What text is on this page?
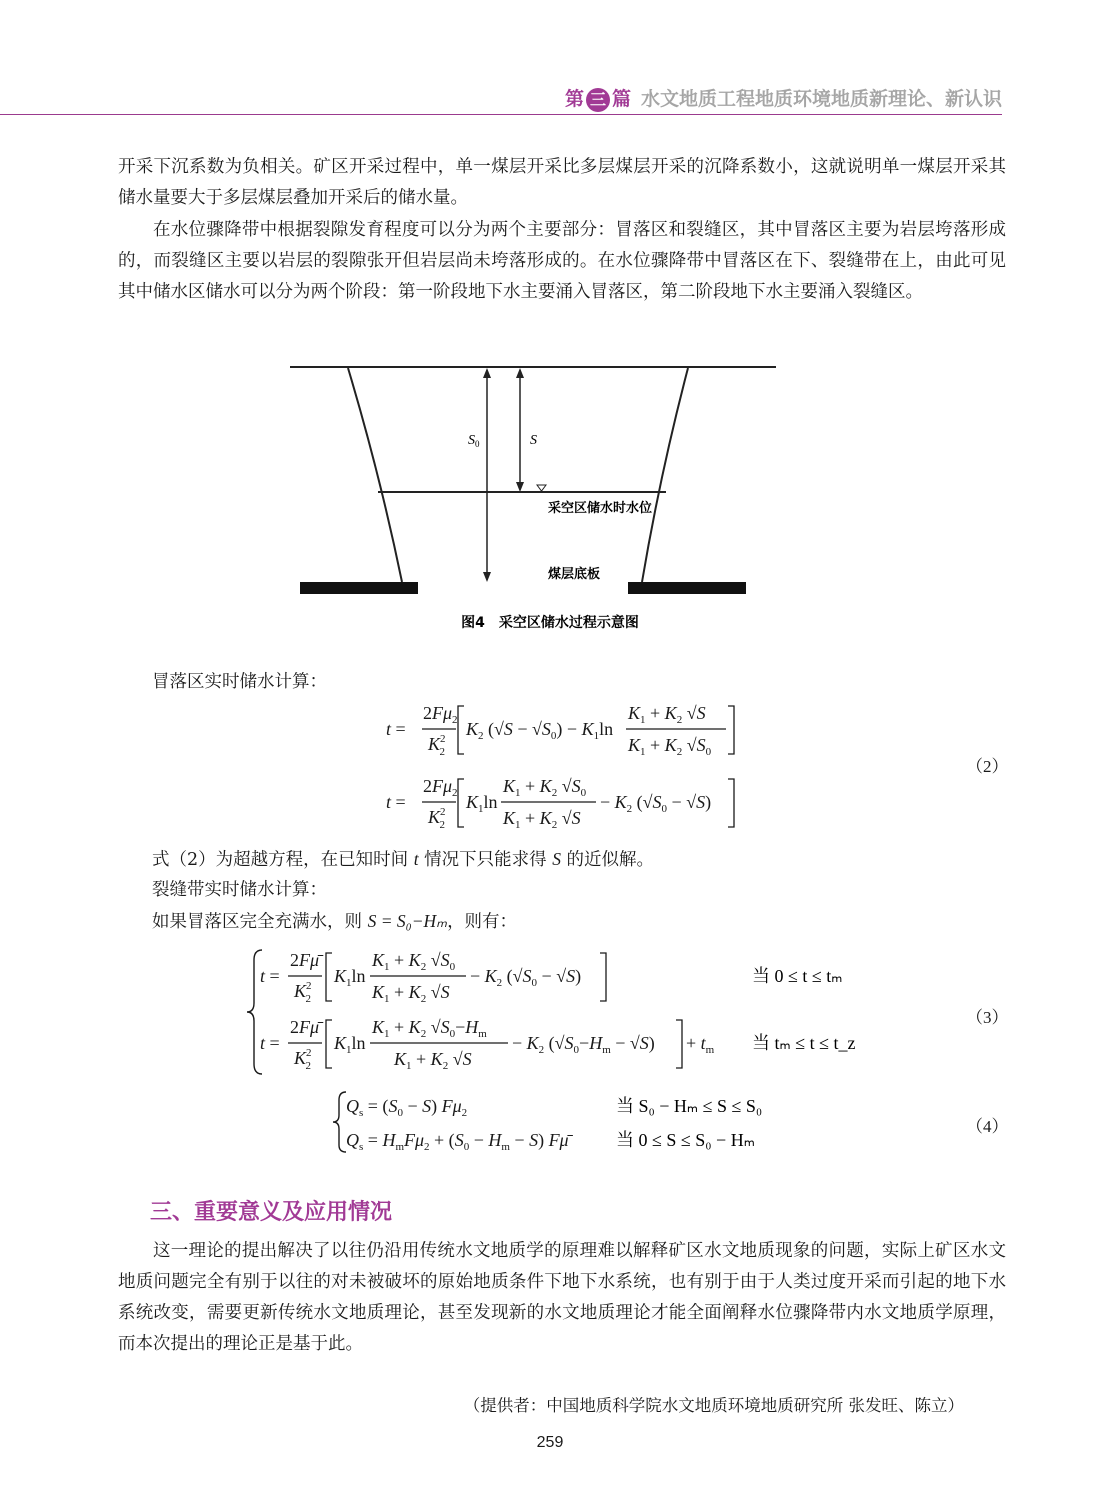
第 三 篇 水文地质工程地质环境地质新理论、新认识

开采下沉系数为负相关。矿区开采过程中，单一煤层开采比多层煤层开采的沉降系数小，这就说明单一煤层开采其储水量要大于多层煤层叠加开采后的储水量。

在水位骤降带中根据裂隙发育程度可以分为两个主要部分：冒落区和裂缝区，其中冒落区主要为岩层垮落形成的，而裂缝区主要以岩层的裂隙张开但岩层尚未垮落形成的。在水位骤降带中冒落区在下、裂缝带在上，由此可见其中储水区储水可以分为两个阶段：第一阶段地下水主要涌入冒落区，第二阶段地下水主要涌入裂缝区。

$S_0$	S
采空区储水时水位
煤层底板
图4　采空区储水过程示意图

冒落区实时储水计算：

t =
$2F\mu_2$
$K^2$ 2
$K_2$ $(√S - √S_0) - K_1\ln$
$K_1 + K_2$ √S
$K_1 + K_2$ $√S_0$
t =
$2F\mu_2$
$K^2$ 2
$K_1\ln$
$K_1 + K_2$ $√S_0$
$K_1 + K_2$ √S
− $K_2$ $(√S_0 - √S)$
（2）

式（2）为超越方程，在已知时间 t 情况下只能求得 S 的近似解。

裂缝带实时储水计算：

如果冒落区完全充满水，则 S = S₀−Hₘ，则有：

t =
2Fμ̄
$K^2$ 2
$K_1\ln$
$K_1 + K_2$ $√S_0$
$K_1 + K_2$ √S
− $K_2$ $(√S_0 - √S)$
t =
2Fμ̄
$K^2$ 2
$K_1\ln$
$K_1 + K_2$ $√S_0-H_m$
$K_1 + K_2$ √S
− $K_2$ $(√S_0-H_m - √S) + t_m$
当 0 ≤ t ≤ tₘ
当 tₘ ≤ t ≤ t_z
（3）
$Q_s = (S_0 - S)$ $F\mu_2$
$Q_s = H_mF\mu_2 + (S_0 - H_m - S)$ Fμ̄
当 S₀ − Hₘ ≤ S ≤ S₀
当 0 ≤ S ≤ S₀ − Hₘ
（4）
三、重要意义及应用情况

这一理论的提出解决了以往仍沿用传统水文地质学的原理难以解释矿区水文地质现象的问题，实际上矿区水文地质问题完全有别于以往的对未被破坏的原始地质条件下地下水系统，也有别于由于人类过度开采而引起的地下水系统改变，需要更新传统水文地质理论，甚至发现新的水文地质理论才能全面阐释水位骤降带内水文地质学原理，而本次提出的理论正是基于此。

（提供者：中国地质科学院水文地质环境地质研究所 张发旺、陈立）
259
